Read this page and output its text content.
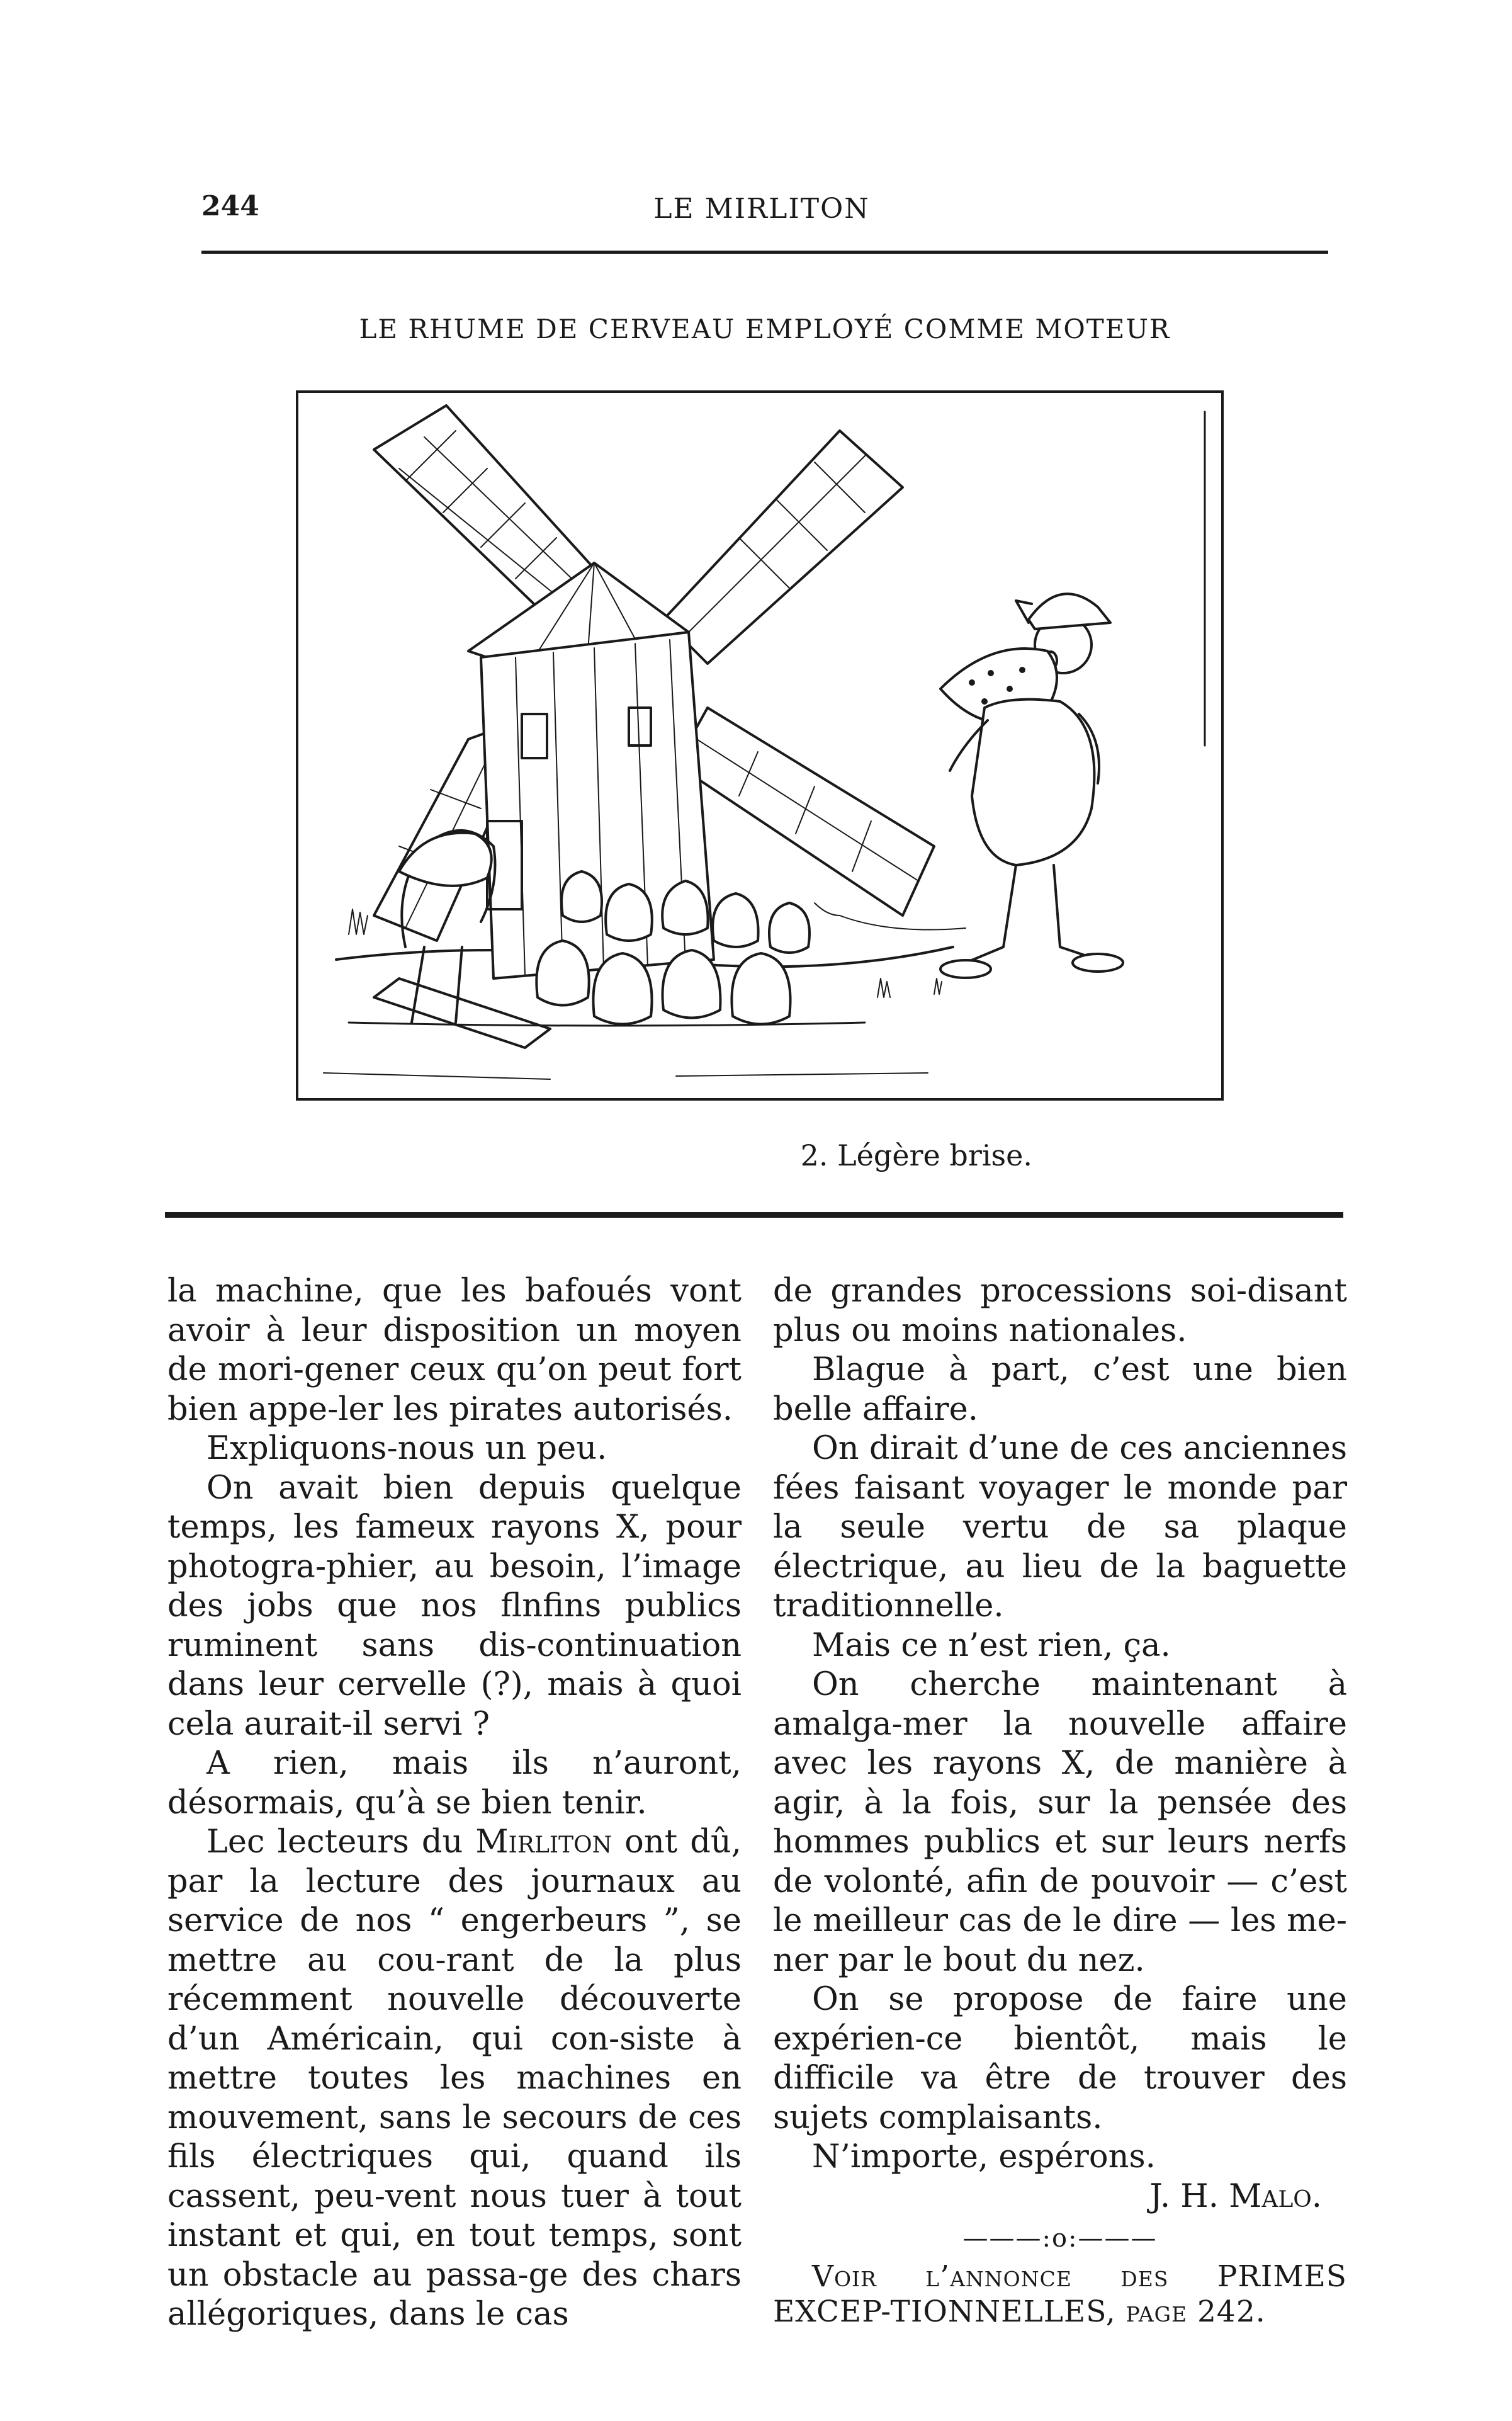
244	LE MIRLITON
LE RHUME DE CERVEAU EMPLOYÉ COMME MOTEUR
2. Légère brise.

la machine, que les bafoués vont avoir à leur disposition un moyen de mori-gener ceux qu’on peut fort bien appe-ler les pirates autorisés.

Expliquons-nous un peu.

On avait bien depuis quelque temps, les fameux rayons X, pour photogra-phier, au besoin, l’image des jobs que nos flnfins publics ruminent sans dis-continuation dans leur cervelle (?), mais à quoi cela aurait-il servi ?

A rien, mais ils n’auront, désormais, qu’à se bien tenir.

Lec lecteurs du Mirliton ont dû, par la lecture des journaux au service de nos “ engerbeurs ”, se mettre au cou-rant de la plus récemment nouvelle découverte d’un Américain, qui con-siste à mettre toutes les machines en mouvement, sans le secours de ces fils électriques qui, quand ils cassent, peu-vent nous tuer à tout instant et qui, en tout temps, sont un obstacle au passa-ge des chars allégoriques, dans le cas

de grandes processions soi-disant plus ou moins nationales.

Blague à part, c’est une bien belle affaire.

On dirait d’une de ces anciennes fées faisant voyager le monde par la seule vertu de sa plaque électrique, au lieu de la baguette traditionnelle.

Mais ce n’est rien, ça.

On cherche maintenant à amalga-mer la nouvelle affaire avec les rayons X, de manière à agir, à la fois, sur la pensée des hommes publics et sur leurs nerfs de volonté, afin de pouvoir — c’est le meilleur cas de le dire — les me-ner par le bout du nez.

On se propose de faire une expérien-ce bientôt, mais le difficile va être de trouver des sujets complaisants.

N’importe, espérons.

J. H. Malo.

———:o:———

Voir l’annonce des PRIMES EXCEP-TIONNELLES, page 242.
